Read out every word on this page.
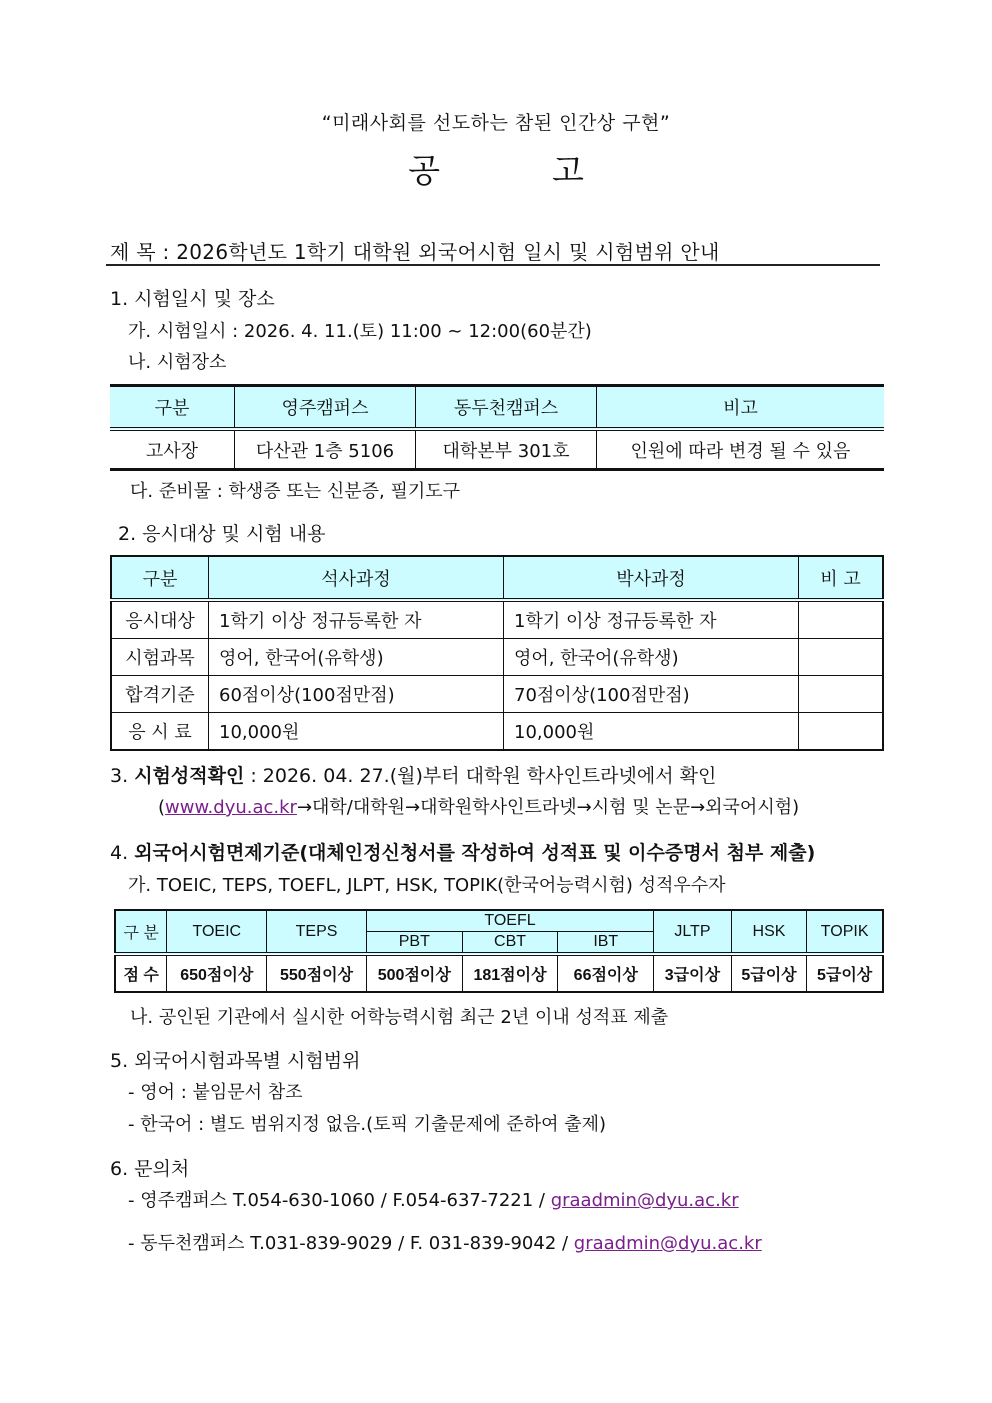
“미래사회를 선도하는 참된 인간상 구현”
공	고
제 목 : 2026학년도 1학기 대학원 외국어시험 일시 및 시험범위 안내
1. 시험일시 및 장소
가. 시험일시 : 2026. 4. 11.(토) 11:00 ~ 12:00(60분간)
나. 시험장소
구분	영주캠퍼스	동두천캠퍼스	비고
고사장	다산관 1층 5106	대학본부 301호	인원에 따라 변경 될 수 있음
다. 준비물 : 학생증 또는 신분증, 필기도구
2. 응시대상 및 시험 내용
구분	석사과정	박사과정	비 고
응시대상	1학기 이상 정규등록한 자	1학기 이상 정규등록한 자	
시험과목	영어, 한국어(유학생)	영어, 한국어(유학생)	
합격기준	60점이상(100점만점)	70점이상(100점만점)	
응 시 료	10,000원	10,000원	
3. 시험성적확인 : 2026. 04. 27.(월)부터 대학원 학사인트라넷에서 확인
(www.dyu.ac.kr→대학/대학원→대학원학사인트라넷→시험 및 논문→외국어시험)
4. 외국어시험면제기준(대체인정신청서를 작성하여 성적표 및 이수증명서 첨부 제출)
가. TOEIC, TEPS, TOEFL, JLPT, HSK, TOPIK(한국어능력시험) 성적우수자
구 분	TOEIC	TEPS	TOEFL			JLTP	HSK	TOPIK
			PBT	CBT	IBT			
점 수	650점이상	550점이상	500점이상	181점이상	66점이상	3급이상	5급이상	5급이상
나. 공인된 기관에서 실시한 어학능력시험 최근 2년 이내 성적표 제출
5. 외국어시험과목별 시험범위
- 영어 : 붙임문서 참조
- 한국어 : 별도 범위지정 없음.(토픽 기출문제에 준하여 출제)
6. 문의처
- 영주캠퍼스 T.054-630-1060 / F.054-637-7221 / graadmin@dyu.ac.kr
- 동두천캠퍼스 T.031-839-9029 / F. 031-839-9042 / graadmin@dyu.ac.kr
